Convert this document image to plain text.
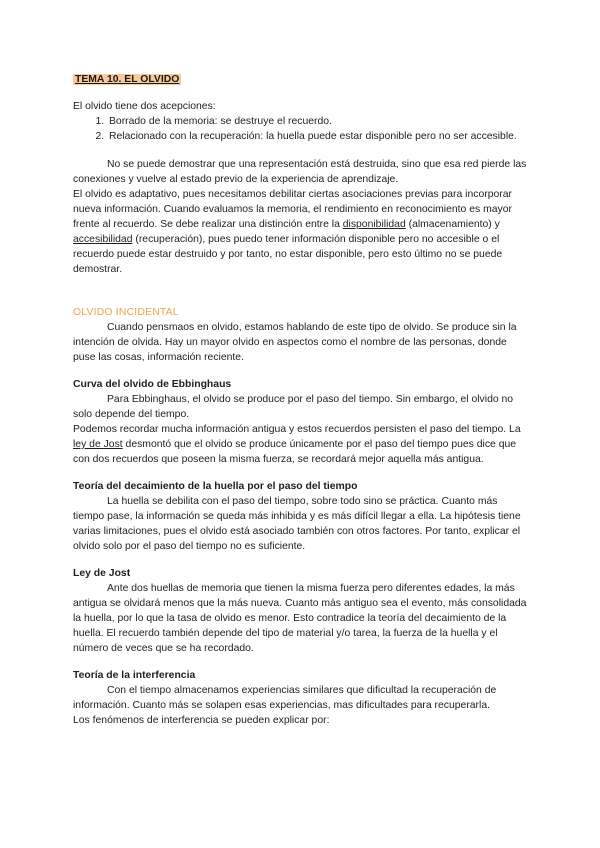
TEMA 10. EL OLVIDO

El olvido tiene dos acepciones:

1. Borrado de la memoria: se destruye el recuerdo.
2. Relacionado con la recuperación: la huella puede estar disponible pero no ser accesible.

No se puede demostrar que una representación está destruida, sino que esa red pierde las conexiones y vuelve al estado previo de la experiencia de aprendizaje.

El olvido es adaptativo, pues necesitamos debilitar ciertas asociaciones previas para incorporar nueva información. Cuando evaluamos la memoria, el rendimiento en reconocimiento es mayor frente al recuerdo. Se debe realizar una distinción entre la disponibilidad (almacenamiento) y accesibilidad (recuperación), pues puedo tener información disponible pero no accesible o el recuerdo puede estar destruido y por tanto, no estar disponible, pero esto último no se puede demostrar.

OLVIDO INCIDENTAL

Cuando pensmaos en olvido, estamos hablando de este tipo de olvido. Se produce sin la intención de olvida. Hay un mayor olvido en aspectos como el nombre de las personas, donde puse las cosas, información reciente.

Curva del olvido de Ebbinghaus

Para Ebbinghaus, el olvido se produce por el paso del tiempo. Sin embargo, el olvido no solo depende del tiempo.

Podemos recordar mucha información antigua y estos recuerdos persisten el paso del tiempo. La ley de Jost desmontó que el olvido se produce únicamente por el paso del tiempo pues dice que con dos recuerdos que poseen la misma fuerza, se recordará mejor aquella más antigua.

Teoría del decaimiento de la huella por el paso del tiempo

La huella se debilita con el paso del tiempo, sobre todo sino se práctica. Cuanto más tiempo pase, la información se queda más inhibida y es más difícil llegar a ella. La hipótesis tiene varias limitaciones, pues el olvido está asociado también con otros factores. Por tanto, explicar el olvido solo por el paso del tiempo no es suficiente.

Ley de Jost

Ante dos huellas de memoria que tienen la misma fuerza pero diferentes edades, la más antigua se olvidará menos que la más nueva. Cuanto más antiguo sea el evento, más consolidada la huella, por lo que la tasa de olvido es menor. Esto contradice la teoría del decaimiento de la huella. El recuerdo también depende del tipo de material y/o tarea, la fuerza de la huella y el número de veces que se ha recordado.

Teoría de la interferencia

Con el tiempo almacenamos experiencias similares que dificultad la recuperación de información. Cuanto más se solapen esas experiencias, mas dificultades para recuperarla.

Los fenómenos de interferencia se pueden explicar por:
